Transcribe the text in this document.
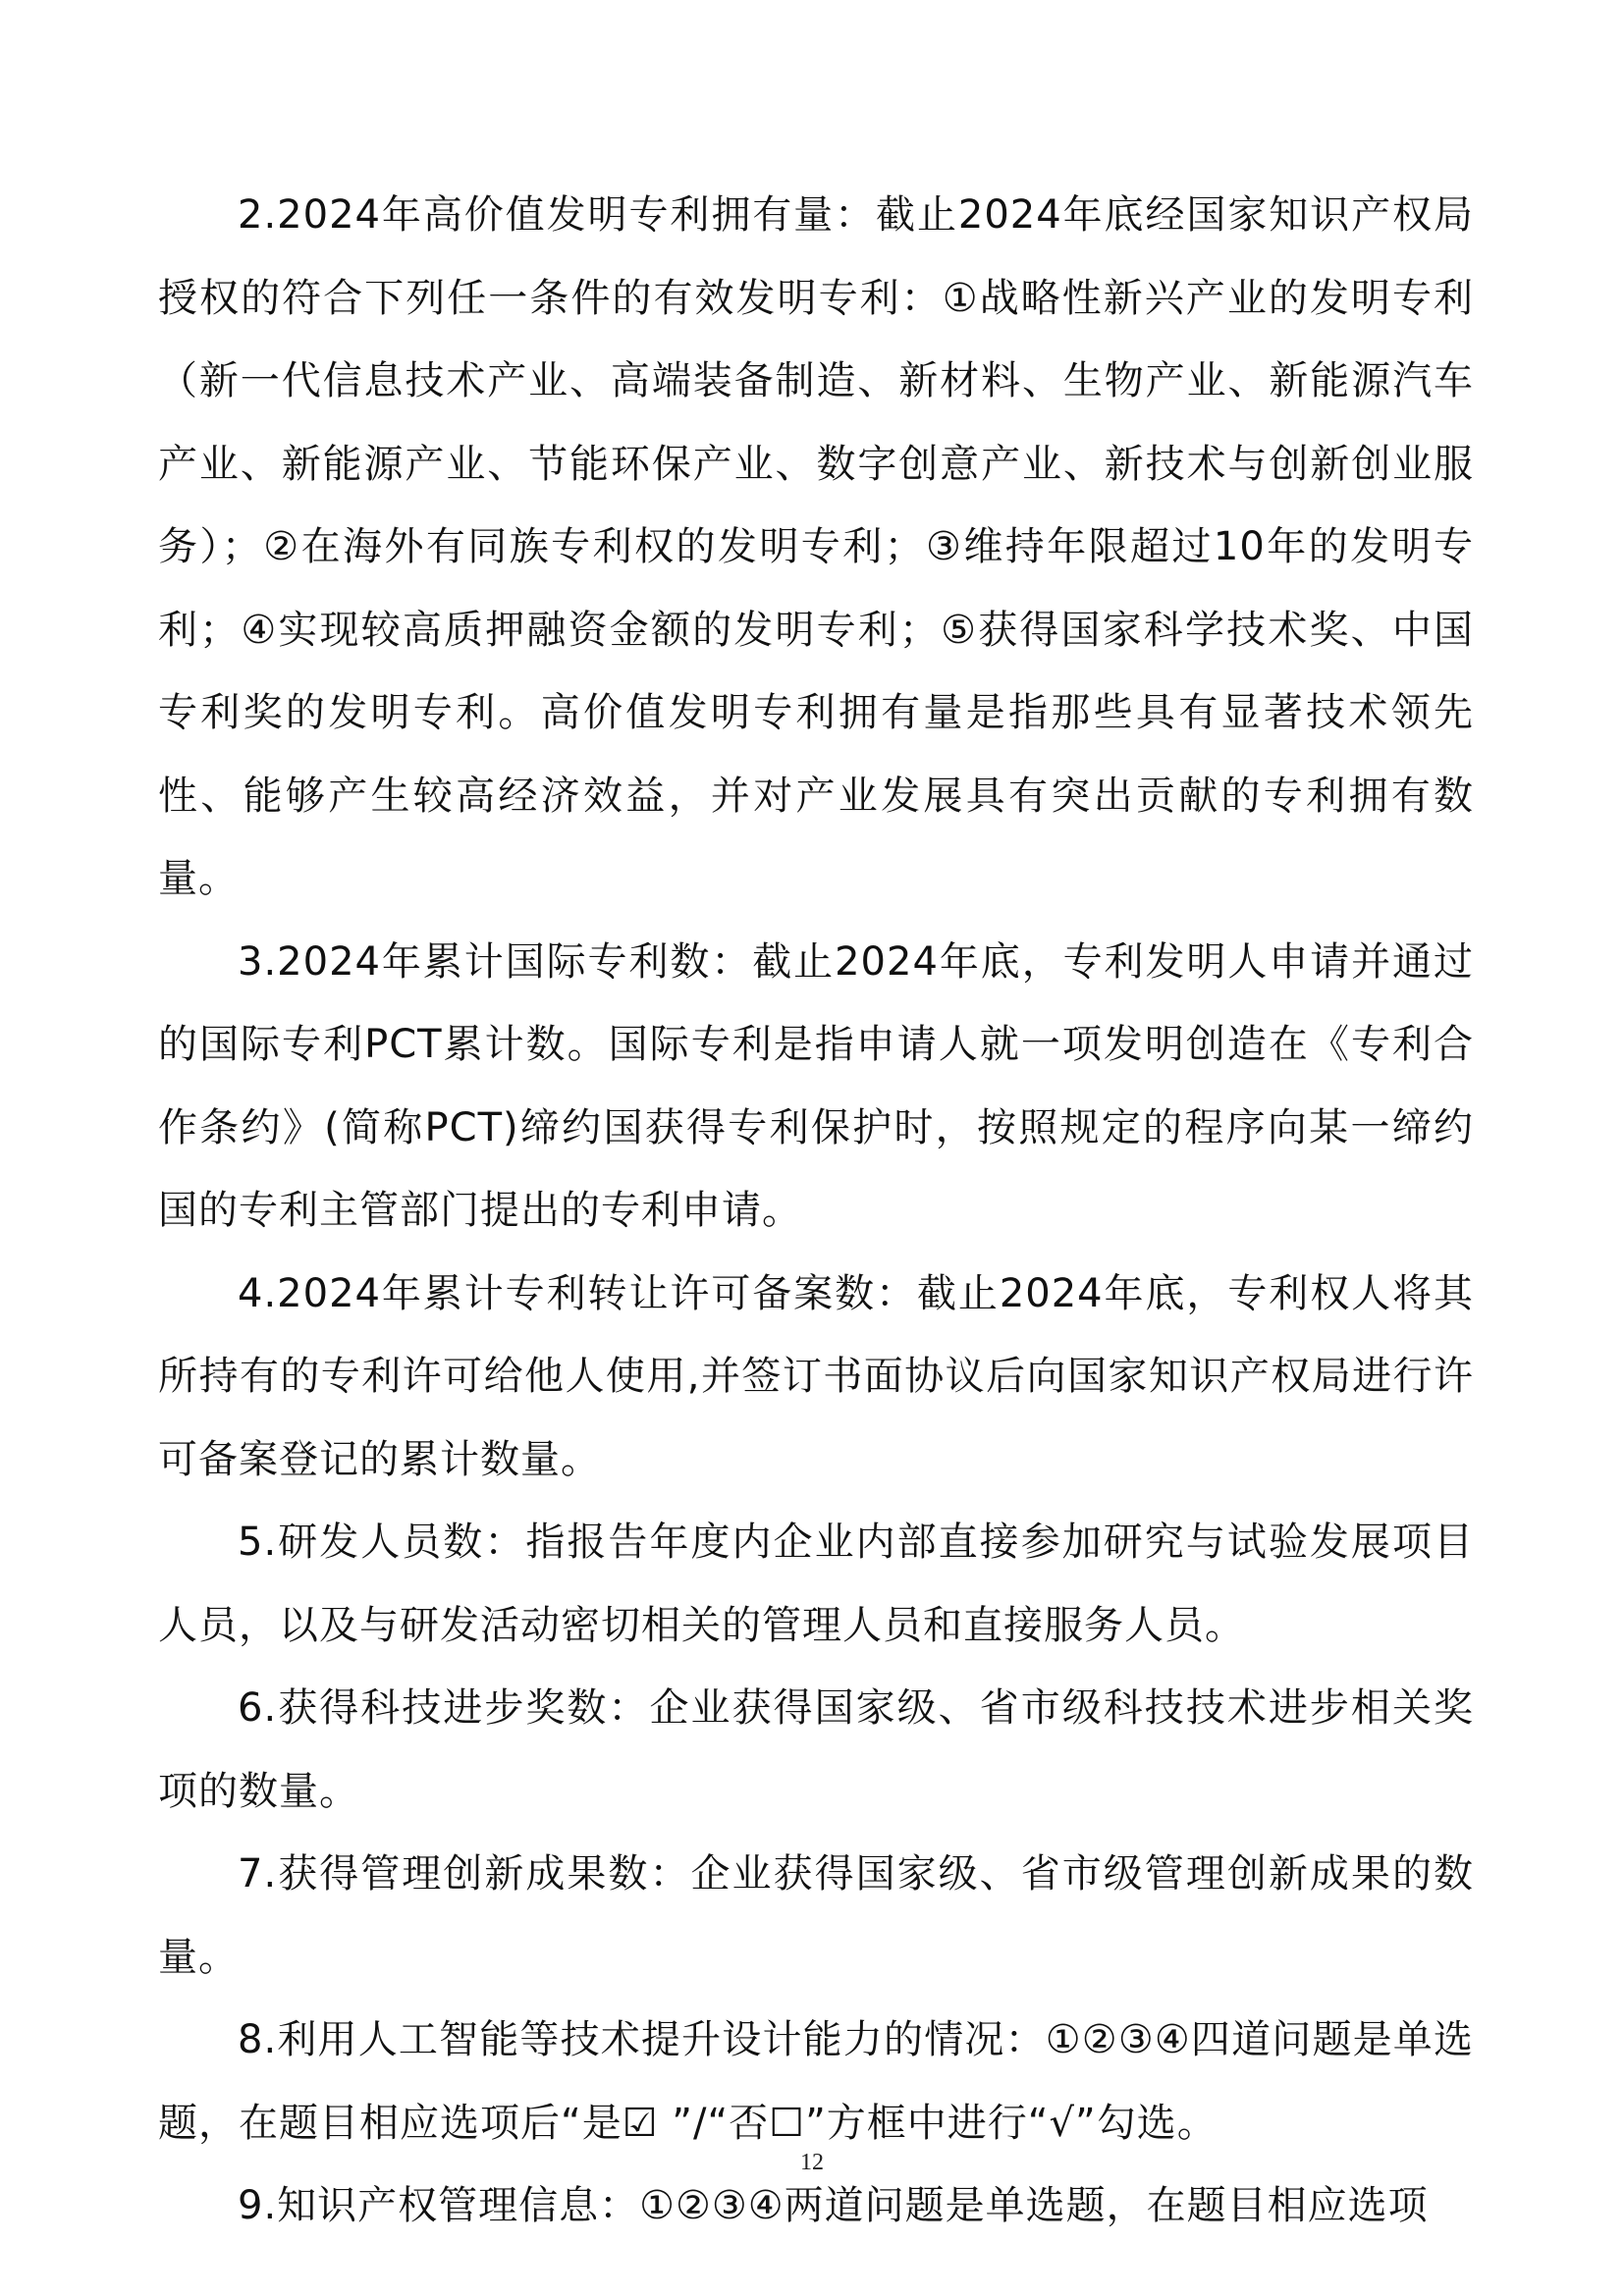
2.2024年高价值发明专利拥有量：截止2024年底经国家知识产权局授权的符合下列任一条件的有效发明专利：①战略性新兴产业的发明专利（新一代信息技术产业、高端装备制造、新材料、生物产业、新能源汽车产业、新能源产业、节能环保产业、数字创意产业、新技术与创新创业服务）；②在海外有同族专利权的发明专利；③维持年限超过10年的发明专利；④实现较高质押融资金额的发明专利；⑤获得国家科学技术奖、中国专利奖的发明专利。高价值发明专利拥有量是指那些具有显著技术领先性、能够产生较高经济效益，并对产业发展具有突出贡献的专利拥有数量。

3.2024年累计国际专利数：截止2024年底，专利发明人申请并通过的国际专利PCT累计数。国际专利是指申请人就一项发明创造在《专利合作条约》(简称PCT)缔约国获得专利保护时，按照规定的程序向某一缔约国的专利主管部门提出的专利申请。

4.2024年累计专利转让许可备案数：截止2024年底，专利权人将其所持有的专利许可给他人使用,并签订书面协议后向国家知识产权局进行许可备案登记的累计数量。

5.研发人员数：指报告年度内企业内部直接参加研究与试验发展项目人员，以及与研发活动密切相关的管理人员和直接服务人员。

6.获得科技进步奖数：企业获得国家级、省市级科技技术进步相关奖项的数量。

7.获得管理创新成果数：企业获得国家级、省市级管理创新成果的数量。

8.利用人工智能等技术提升设计能力的情况：①②③④四道问题是单选题，在题目相应选项后“是☑ ”/“否☐”方框中进行“√”勾选。

9.知识产权管理信息：①②③④两道问题是单选题，在题目相应选项

12
